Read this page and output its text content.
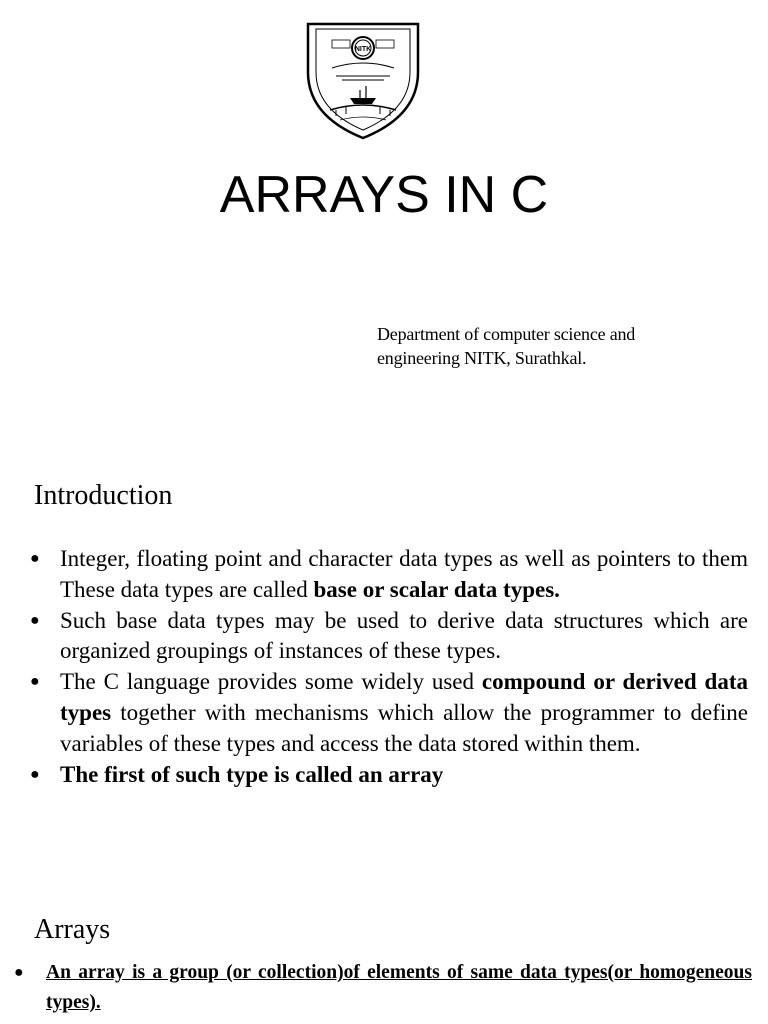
NITK
ARRAYS IN C
Department of computer science and
engineering NITK, Surathkal.
Introduction
● Integer, floating point and character data types as well as pointers to them These data types are called base or scalar data types.
● Such base data types may be used to derive data structures which are organized groupings of instances of these types.
● The C language provides some widely used compound or derived data types together with mechanisms which allow the programmer to define variables of these types and access the data stored within them.
● The first of such type is called an array
Arrays
● An array is a group (or collection)of elements of same data types(or homogeneous types).
